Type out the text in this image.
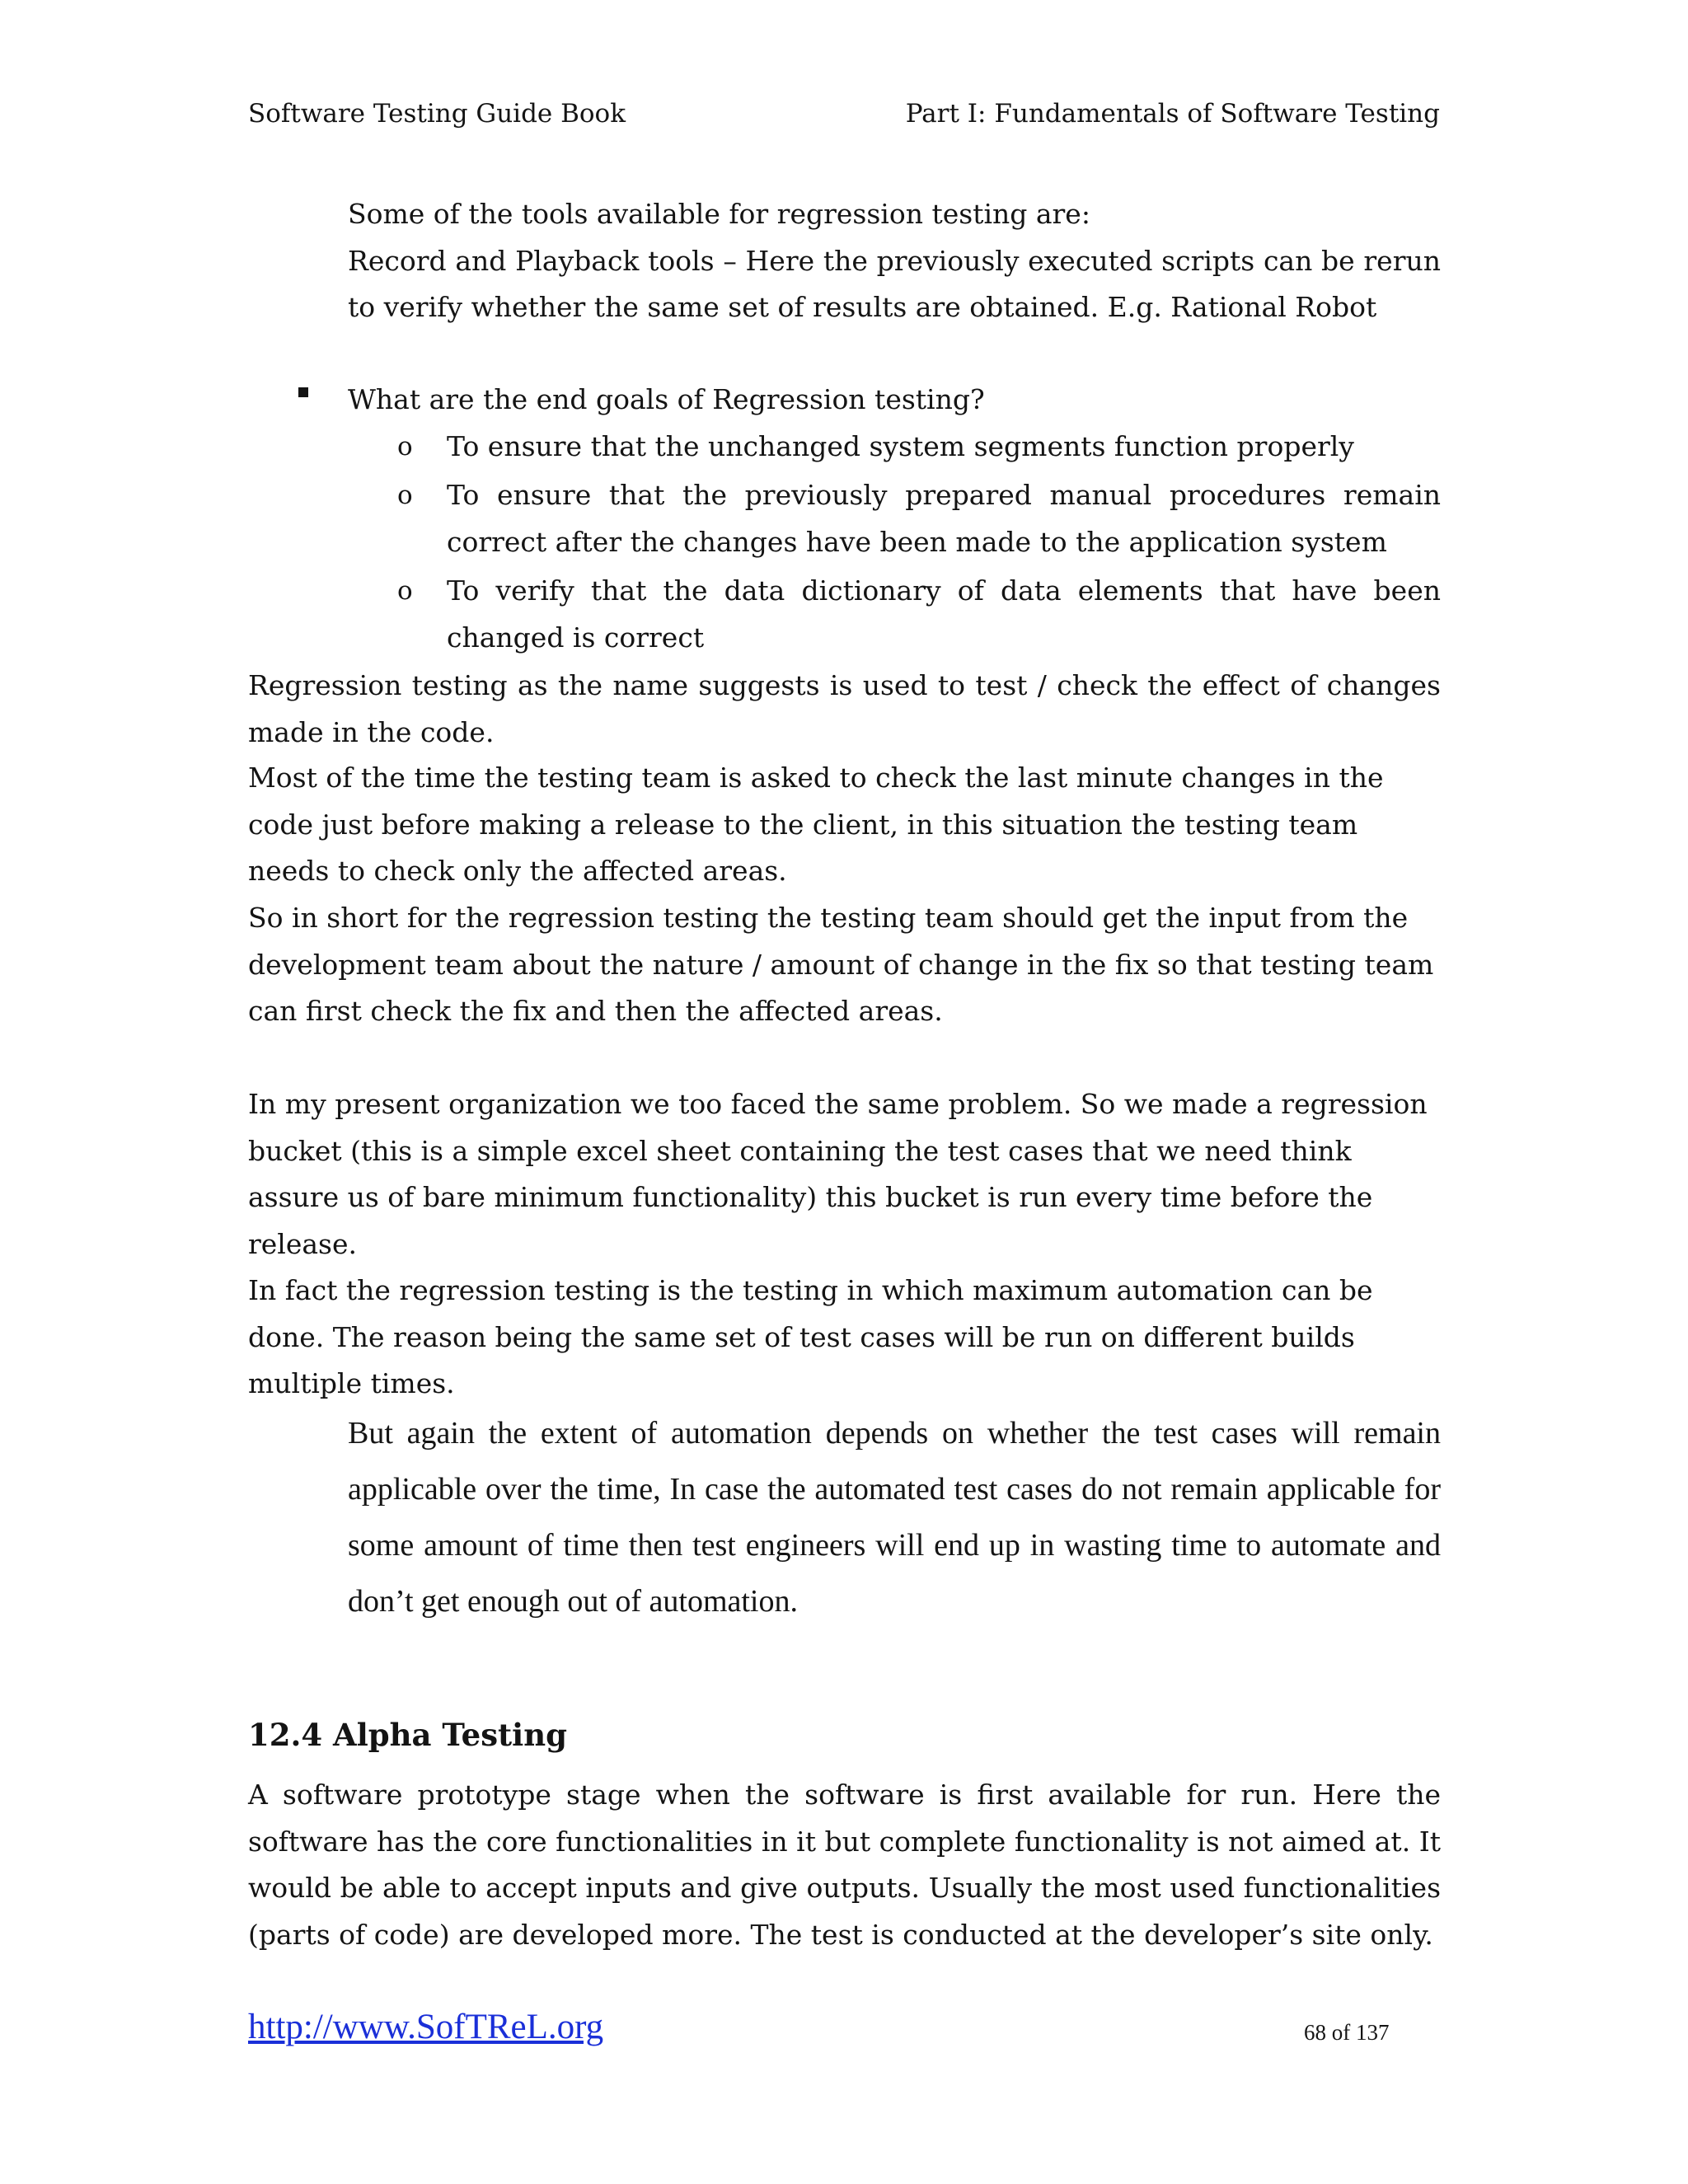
Software Testing Guide Book	Part I: Fundamentals of Software Testing

Some of the tools available for regression testing are:
Record and Playback tools – Here the previously executed scripts can be rerun to verify whether the same set of results are obtained. E.g. Rational Robot

What are the end goals of Regression testing?

o To ensure that the unchanged system segments function properly

o To ensure that the previously prepared manual procedures remain correct after the changes have been made to the application system

o To verify that the data dictionary of data elements that have been changed is correct

Regression testing as the name suggests is used to test / check the effect of changes made in the code.

Most of the time the testing team is asked to check the last minute changes in the code just before making a release to the client, in this situation the testing team needs to check only the affected areas.

So in short for the regression testing the testing team should get the input from the development team about the nature / amount of change in the fix so that testing team can first check the fix and then the affected areas.

In my present organization we too faced the same problem. So we made a regression bucket (this is a simple excel sheet containing the test cases that we need think assure us of bare minimum functionality) this bucket is run every time before the release.

In fact the regression testing is the testing in which maximum automation can be done. The reason being the same set of test cases will be run on different builds multiple times.

But again the extent of automation depends on whether the test cases will remain applicable over the time, In case the automated test cases do not remain applicable for some amount of time then test engineers will end up in wasting time to automate and don’t get enough out of automation.

12.4 Alpha Testing

A software prototype stage when the software is first available for run. Here the software has the core functionalities in it but complete functionality is not aimed at. It would be able to accept inputs and give outputs. Usually the most used functionalities (parts of code) are developed more. The test is conducted at the developer’s site only.

http://www.SofTReL.org	68 of 137
